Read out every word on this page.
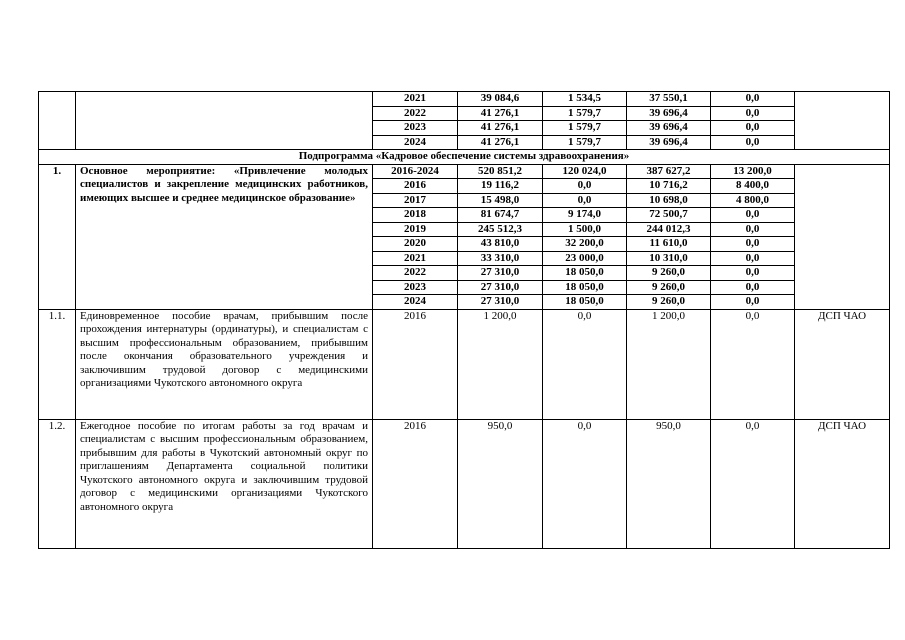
		2021	39 084,6	1 534,5	37 550,1	0,0	
		2022	41 276,1	1 579,7	39 696,4	0,0	
		2023	41 276,1	1 579,7	39 696,4	0,0	
		2024	41 276,1	1 579,7	39 696,4	0,0	
Подпрограмма «Кадровое обеспечение системы здравоохранения»							
1.	Основное мероприятие: «Привлечение молодых специалистов и закрепление медицинских работников, имеющих высшее и среднее медицинское образование»	2016-2024	520 851,2	120 024,0	387 627,2	13 200,0	
		2016	19 116,2	0,0	10 716,2	8 400,0	
		2017	15 498,0	0,0	10 698,0	4 800,0	
		2018	81 674,7	9 174,0	72 500,7	0,0	
		2019	245 512,3	1 500,0	244 012,3	0,0	
		2020	43 810,0	32 200,0	11 610,0	0,0	
		2021	33 310,0	23 000,0	10 310,0	0,0	
		2022	27 310,0	18 050,0	9 260,0	0,0	
		2023	27 310,0	18 050,0	9 260,0	0,0	
		2024	27 310,0	18 050,0	9 260,0	0,0	
1.1.	Единовременное пособие врачам, прибывшим после прохождения интернатуры (ординатуры), и специалистам с высшим профессиональным образованием, прибывшим после окончания образовательного учреждения и заключившим трудовой договор с медицинскими организациями Чукотского автономного округа	2016	1 200,0	0,0	1 200,0	0,0	ДСП ЧАО
1.2.	Ежегодное пособие по итогам работы за год врачам и специалистам с высшим профессиональным образованием, прибывшим для работы в Чукотский автономный округ по приглашениям Департамента социальной политики Чукотского автономного округа и заключившим трудовой договор с медицинскими организациями Чукотского автономного округа	2016	950,0	0,0	950,0	0,0	ДСП ЧАО
